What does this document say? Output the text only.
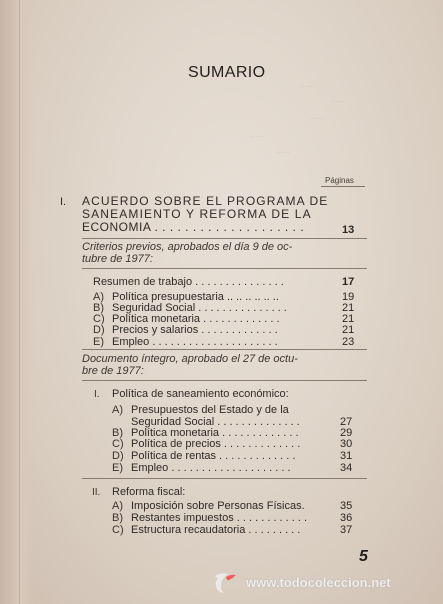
......
......
......
......
......
SUMARIO
Páginas
I. ACUERDO SOBRE EL PROGRAMA DE
SANEAMIENTO Y REFORMA DE LA
ECONOMIA . . . . . . . . . . . . . . . . . . . .	13
Criterios previos, aprobados el día 9 de oc-
tubre de 1977:
Resumen de trabajo . . . . . . . . . . . . . . .	17
A) Política presupuestaria .. .. .. .. .. ..	19
B) Seguridad Social . . . . . . . . . . . . . . .	21
C) Política monetaria . . . . . . . . . . . . .	21
D) Precios y salarios . . . . . . . . . . . . .	21
E) Empleo . . . . . . . . . . . . . . . . . . . . .	23
Documento íntegro, aprobado el 27 de octu-
bre de 1977:
I. Política de saneamiento económico:
A) Presupuestos del Estado y de la
Seguridad Social . . . . . . . . . . . . . .	27
B) Política monetaria . . . . . . . . . . . . .	29
C) Política de precios . . . . . . . . . . . . .	30
D) Política de rentas . . . . . . . . . . . . .	31
E) Empleo . . . . . . . . . . . . . . . . . . . .	34
II. Reforma fiscal:
A) Imposición sobre Personas Físicas.	35
B) Restantes impuestos . . . . . . . . . . . .	36
C) Estructura recaudatoria . . . . . . . . .	37
5
www.todocoleccion.net
